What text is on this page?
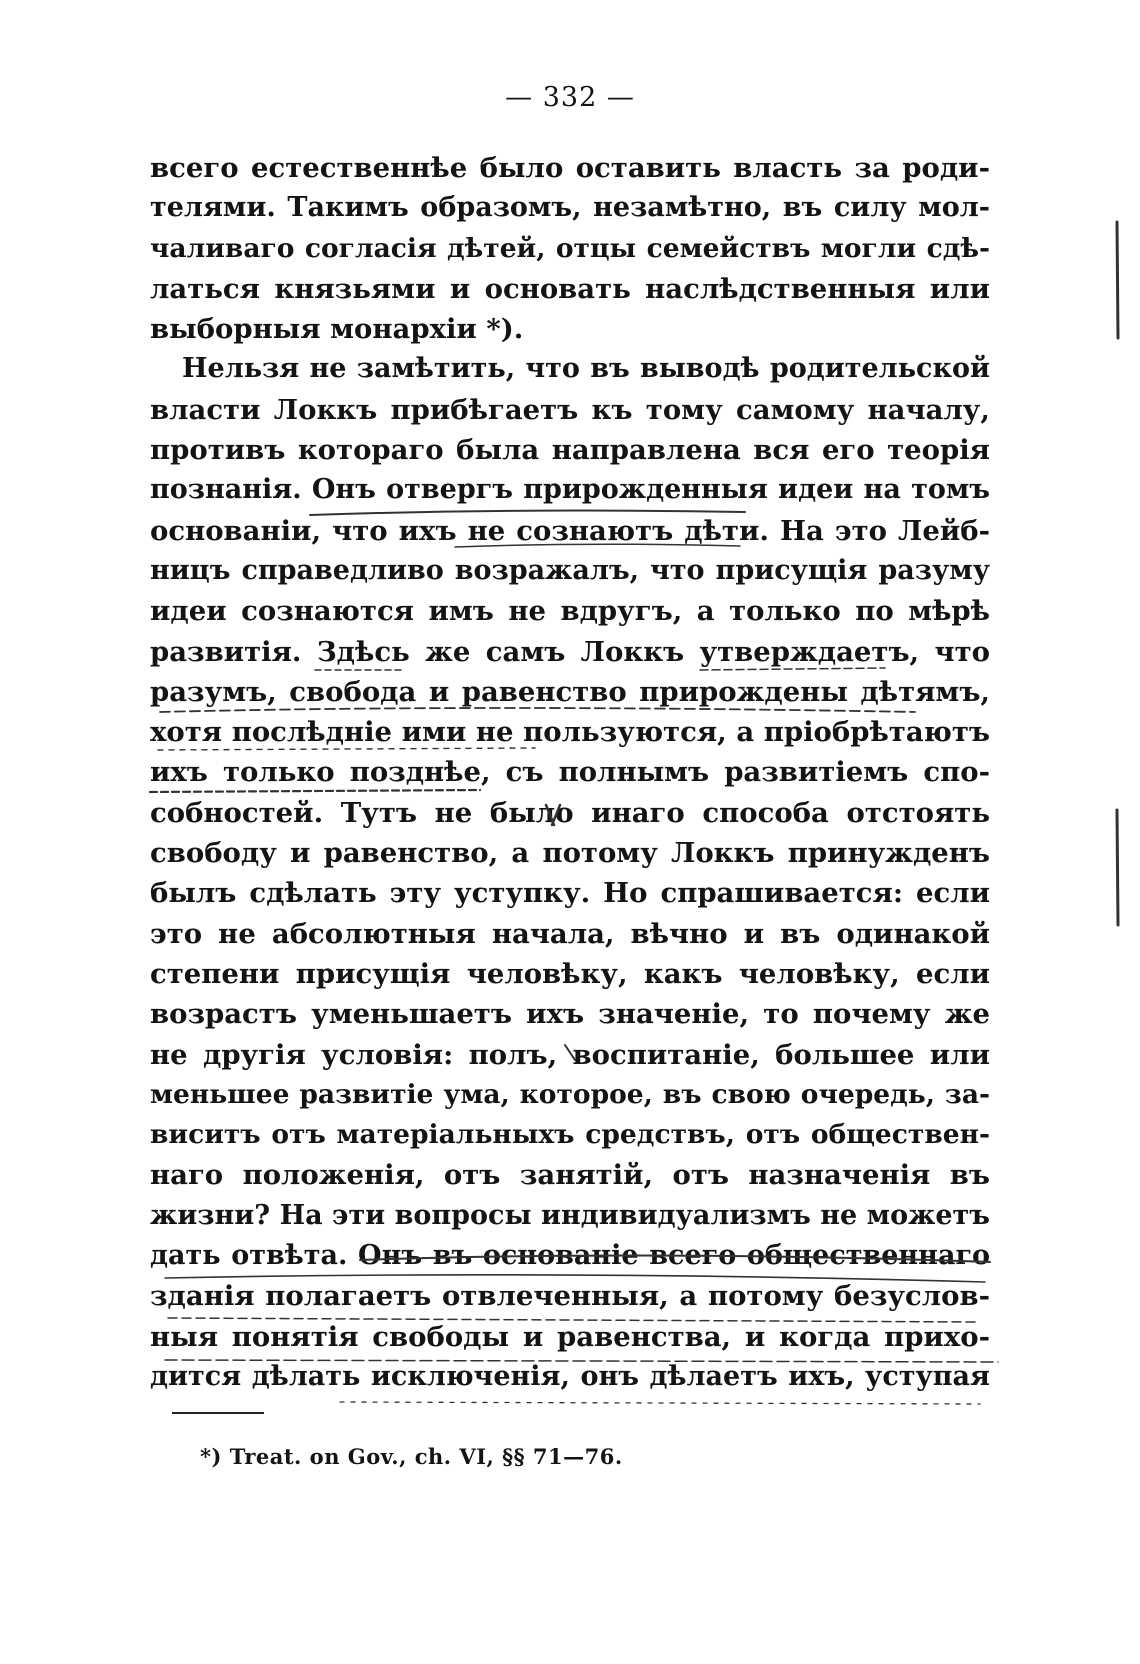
— 332 —
всего естественнѣе было оставить власть за роди-
телями. Такимъ образомъ, незамѣтно, въ силу мол-
чаливаго согласія дѣтей, отцы семействъ могли сдѣ-
латься князьями и основать наслѣдственныя или
выборныя монархіи *).
Нельзя не замѣтить, что въ выводѣ родительской
власти Локкъ прибѣгаетъ къ тому самому началу,
противъ котораго была направлена вся его теорія
познанія. Онъ отвергъ прирожденныя идеи на томъ
основаніи, что ихъ не сознаютъ дѣти. На это Лейб-
ницъ справедливо возражалъ, что присущія разуму
идеи сознаются имъ не вдругъ, а только по мѣрѣ
развитія. Здѣсь же самъ Локкъ утверждаетъ, что
разумъ, свобода и равенство прирождены дѣтямъ,
хотя послѣдніе ими не пользуются, а пріобрѣтаютъ
ихъ только позднѣе, съ полнымъ развитіемъ спо-
собностей. Тутъ не было инаго способа отстоять
свободу и равенство, а потому Локкъ принужденъ
былъ сдѣлать эту уступку. Но спрашивается: если
это не абсолютныя начала, вѣчно и въ одинакой
степени присущія человѣку, какъ человѣку, если
возрастъ уменьшаетъ ихъ значеніе, то почему же
не другія условія: полъ, воспитаніе, большее или
меньшее развитіе ума, которое, въ свою очередь, за-
виситъ отъ матеріальныхъ средствъ, отъ обществен-
наго положенія, отъ занятій, отъ назначенія въ
жизни? На эти вопросы индивидуализмъ не можетъ
дать отвѣта. Онъ въ основаніе всего общественнаго
зданія полагаетъ отвлеченныя, а потому безуслов-
ныя понятія свободы и равенства, и когда прихо-
дится дѣлать исключенія, онъ дѣлаетъ ихъ, уступая
*) Treat. on Gov., ch. VI, §§ 71—76.
